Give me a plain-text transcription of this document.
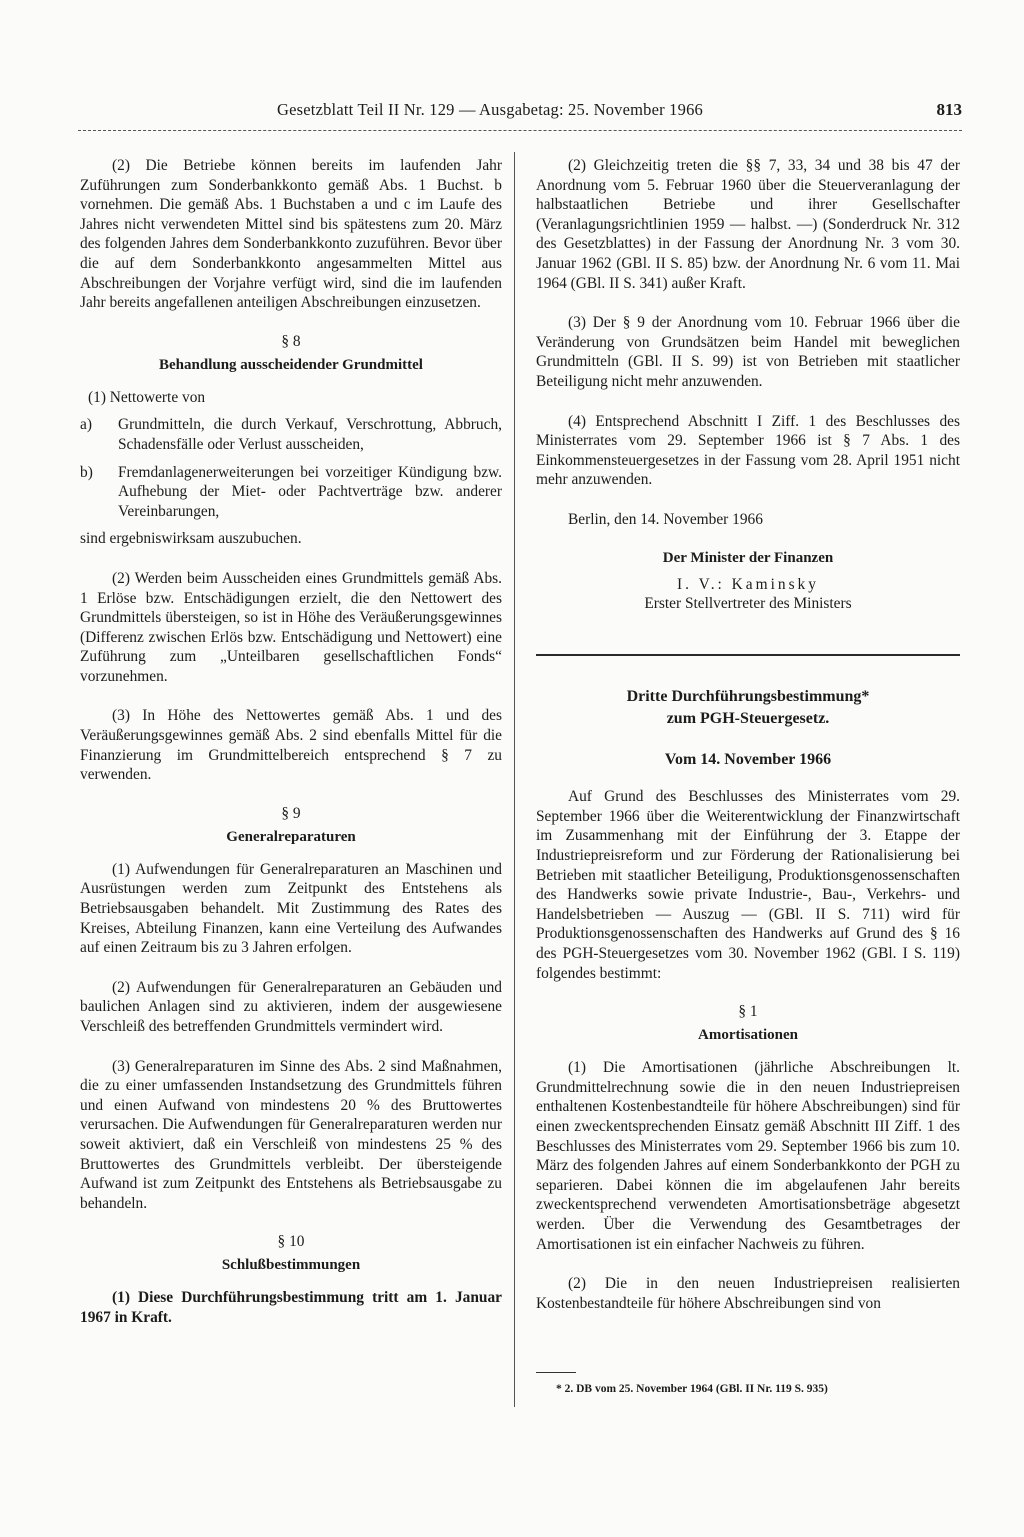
Gesetzblatt Teil II Nr. 129 — Ausgabetag: 25. November 1966	813

(2) Die Betriebe können bereits im laufenden Jahr Zuführungen zum Sonderbankkonto gemäß Abs. 1 Buchst. b vornehmen. Die gemäß Abs. 1 Buchstaben a und c im Laufe des Jahres nicht verwendeten Mittel sind bis spätestens zum 20. März des folgenden Jahres dem Sonderbankkonto zuzuführen. Bevor über die auf dem Sonderbankkonto angesammelten Mittel aus Abschreibungen der Vorjahre verfügt wird, sind die im laufenden Jahr bereits angefallenen anteiligen Abschreibungen einzusetzen.

§ 8
Behandlung ausscheidender Grundmittel

(1) Nettowerte von

a) Grundmitteln, die durch Verkauf, Verschrottung, Abbruch, Schadensfälle oder Verlust ausscheiden,

b) Fremdanlagenerweiterungen bei vorzeitiger Kündigung bzw. Aufhebung der Miet- oder Pachtverträge bzw. anderer Vereinbarungen,

sind ergebniswirksam auszubuchen.

(2) Werden beim Ausscheiden eines Grundmittels gemäß Abs. 1 Erlöse bzw. Entschädigungen erzielt, die den Nettowert des Grundmittels übersteigen, so ist in Höhe des Veräußerungsgewinnes (Differenz zwischen Erlös bzw. Entschädigung und Nettowert) eine Zuführung zum „Unteilbaren gesellschaftlichen Fonds“ vorzunehmen.

(3) In Höhe des Nettowertes gemäß Abs. 1 und des Veräußerungsgewinnes gemäß Abs. 2 sind ebenfalls Mittel für die Finanzierung im Grundmittelbereich entsprechend § 7 zu verwenden.

§ 9
Generalreparaturen

(1) Aufwendungen für Generalreparaturen an Maschinen und Ausrüstungen werden zum Zeitpunkt des Entstehens als Betriebsausgaben behandelt. Mit Zustimmung des Rates des Kreises, Abteilung Finanzen, kann eine Verteilung des Aufwandes auf einen Zeitraum bis zu 3 Jahren erfolgen.

(2) Aufwendungen für Generalreparaturen an Gebäuden und baulichen Anlagen sind zu aktivieren, indem der ausgewiesene Verschleiß des betreffenden Grundmittels vermindert wird.

(3) Generalreparaturen im Sinne des Abs. 2 sind Maßnahmen, die zu einer umfassenden Instandsetzung des Grundmittels führen und einen Aufwand von mindestens 20 % des Bruttowertes verursachen. Die Aufwendungen für Generalreparaturen werden nur soweit aktiviert, daß ein Verschleiß von mindestens 25 % des Bruttowertes des Grundmittels verbleibt. Der übersteigende Aufwand ist zum Zeitpunkt des Entstehens als Betriebsausgabe zu behandeln.

§ 10
Schlußbestimmungen

(1) Diese Durchführungsbestimmung tritt am 1. Januar 1967 in Kraft.

(2) Gleichzeitig treten die §§ 7, 33, 34 und 38 bis 47 der Anordnung vom 5. Februar 1960 über die Steuerveranlagung der halbstaatlichen Betriebe und ihrer Gesellschafter (Veranlagungsrichtlinien 1959 — halbst. —) (Sonderdruck Nr. 312 des Gesetzblattes) in der Fassung der Anordnung Nr. 3 vom 30. Januar 1962 (GBl. II S. 85) bzw. der Anordnung Nr. 6 vom 11. Mai 1964 (GBl. II S. 341) außer Kraft.

(3) Der § 9 der Anordnung vom 10. Februar 1966 über die Veränderung von Grundsätzen beim Handel mit beweglichen Grundmitteln (GBl. II S. 99) ist von Betrieben mit staatlicher Beteiligung nicht mehr anzuwenden.

(4) Entsprechend Abschnitt I Ziff. 1 des Beschlusses des Ministerrates vom 29. September 1966 ist § 7 Abs. 1 des Einkommensteuergesetzes in der Fassung vom 28. April 1951 nicht mehr anzuwenden.

Berlin, den 14. November 1966

Der Minister der Finanzen

I. V.: Kaminsky

Erster Stellvertreter des Ministers

Dritte Durchführungsbestimmung*

zum PGH-Steuergesetz.

Vom 14. November 1966

Auf Grund des Beschlusses des Ministerrates vom 29. September 1966 über die Weiterentwicklung der Finanzwirtschaft im Zusammenhang mit der Einführung der 3. Etappe der Industriepreisreform und zur Förderung der Rationalisierung bei Betrieben mit staatlicher Beteiligung, Produktionsgenossenschaften des Handwerks sowie private Industrie-, Bau-, Verkehrs- und Handelsbetrieben — Auszug — (GBl. II S. 711) wird für Produktionsgenossenschaften des Handwerks auf Grund des § 16 des PGH-Steuergesetzes vom 30. November 1962 (GBl. I S. 119) folgendes bestimmt:

§ 1
Amortisationen

(1) Die Amortisationen (jährliche Abschreibungen lt. Grundmittelrechnung sowie die in den neuen Industriepreisen enthaltenen Kostenbestandteile für höhere Abschreibungen) sind für einen zweckentsprechenden Einsatz gemäß Abschnitt III Ziff. 1 des Beschlusses des Ministerrates vom 29. September 1966 bis zum 10. März des folgenden Jahres auf einem Sonderbankkonto der PGH zu separieren. Dabei können die im abgelaufenen Jahr bereits zweckentsprechend verwendeten Amortisationsbeträge abgesetzt werden. Über die Verwendung des Gesamtbetrages der Amortisationen ist ein einfacher Nachweis zu führen.

(2) Die in den neuen Industriepreisen realisierten Kostenbestandteile für höhere Abschreibungen sind von

* 2. DB vom 25. November 1964 (GBl. II Nr. 119 S. 935)
